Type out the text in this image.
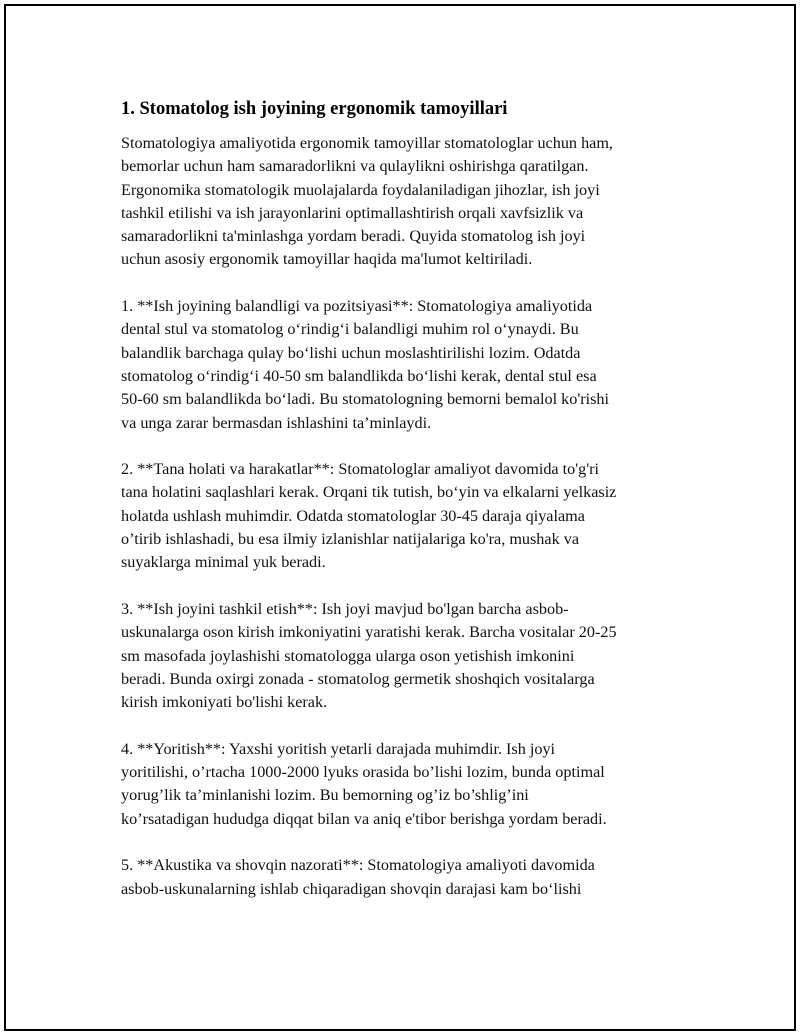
1. Stomatolog ish joyining ergonomik tamoyillari

Stomatologiya amaliyotida ergonomik tamoyillar stomatologlar uchun ham,
bemorlar uchun ham samaradorlikni va qulaylikni oshirishga qaratilgan.
Ergonomika stomatologik muolajalarda foydalaniladigan jihozlar, ish joyi
tashkil etilishi va ish jarayonlarini optimallashtirish orqali xavfsizlik va
samaradorlikni ta'minlashga yordam beradi. Quyida stomatolog ish joyi
uchun asosiy ergonomik tamoyillar haqida ma'lumot keltiriladi.

1. **Ish joyining balandligi va pozitsiyasi**: Stomatologiya amaliyotida
dental stul va stomatolog o‘rindig‘i balandligi muhim rol o‘ynaydi. Bu
balandlik barchaga qulay bo‘lishi uchun moslashtirilishi lozim. Odatda
stomatolog o‘rindig‘i 40-50 sm balandlikda bo‘lishi kerak, dental stul esa
50-60 sm balandlikda bo‘ladi. Bu stomatologning bemorni bemalol ko'rishi
va unga zarar bermasdan ishlashini ta’minlaydi.

2. **Tana holati va harakatlar**: Stomatologlar amaliyot davomida to'g'ri
tana holatini saqlashlari kerak. Orqani tik tutish, bo‘yin va elkalarni yelkasiz
holatda ushlash muhimdir. Odatda stomatologlar 30-45 daraja qiyalama
o’tirib ishlashadi, bu esa ilmiy izlanishlar natijalariga ko'ra, mushak va
suyaklarga minimal yuk beradi.

3. **Ish joyini tashkil etish**: Ish joyi mavjud bo'lgan barcha asbob-
uskunalarga oson kirish imkoniyatini yaratishi kerak. Barcha vositalar 20-25
sm masofada joylashishi stomatologga ularga oson yetishish imkonini
beradi. Bunda oxirgi zonada - stomatolog germetik shoshqich vositalarga
kirish imkoniyati bo'lishi kerak.

4. **Yoritish**: Yaxshi yoritish yetarli darajada muhimdir. Ish joyi
yoritilishi, o’rtacha 1000-2000 lyuks orasida bo’lishi lozim, bunda optimal
yorug’lik ta’minlanishi lozim. Bu bemorning og’iz bo’shlig’ini
ko’rsatadigan hududga diqqat bilan va aniq e'tibor berishga yordam beradi.

5. **Akustika va shovqin nazorati**: Stomatologiya amaliyoti davomida
asbob-uskunalarning ishlab chiqaradigan shovqin darajasi kam bo‘lishi
